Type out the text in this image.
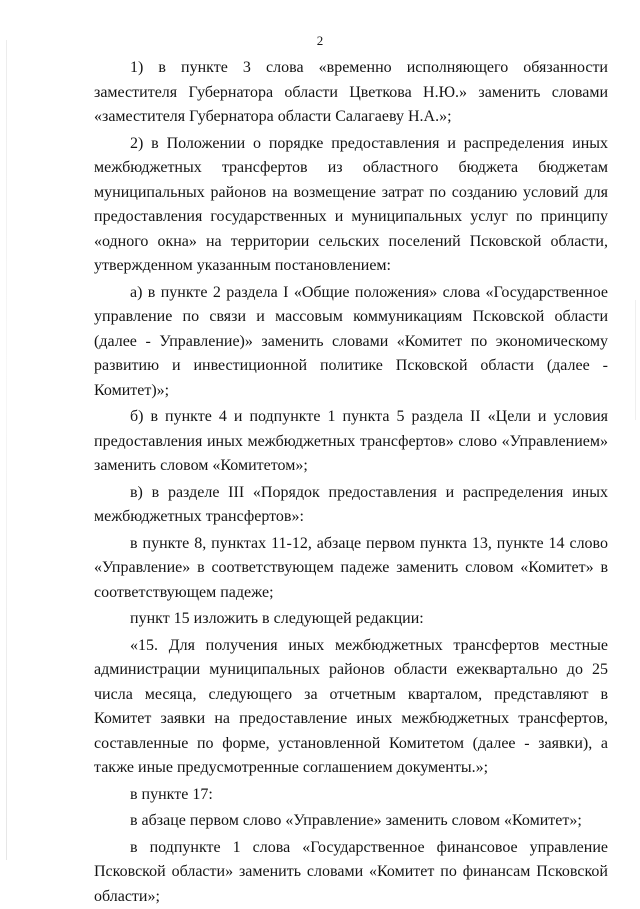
2

1) в пункте 3 слова «временно исполняющего обязанности заместителя Губернатора области Цветкова Н.Ю.» заменить словами «заместителя Губернатора области Салагаеву Н.А.»;

2) в Положении о порядке предоставления и распределения иных межбюджетных трансфертов из областного бюджета бюджетам муниципальных районов на возмещение затрат по созданию условий для предоставления государственных и муниципальных услуг по принципу «одного окна» на территории сельских поселений Псковской области, утвержденном указанным постановлением:

а) в пункте 2 раздела I «Общие положения» слова «Государственное управление по связи и массовым коммуникациям Псковской области (далее - Управление)» заменить словами «Комитет по экономическому развитию и инвестиционной политике Псковской области (далее - Комитет)»;

б) в пункте 4 и подпункте 1 пункта 5 раздела II «Цели и условия предоставления иных межбюджетных трансфертов» слово «Управлением» заменить словом «Комитетом»;

в) в разделе III «Порядок предоставления и распределения иных межбюджетных трансфертов»:

в пункте 8, пунктах 11-12, абзаце первом пункта 13, пункте 14 слово «Управление» в соответствующем падеже заменить словом «Комитет» в соответствующем падеже;

пункт 15 изложить в следующей редакции:

«15. Для получения иных межбюджетных трансфертов местные администрации муниципальных районов области ежеквартально до 25 числа месяца, следующего за отчетным кварталом, представляют в Комитет заявки на предоставление иных межбюджетных трансфертов, составленные по форме, установленной Комитетом (далее - заявки), а также иные предусмотренные соглашением документы.»;

в пункте 17:

в абзаце первом слово «Управление» заменить словом «Комитет»;

в подпункте 1 слова «Государственное финансовое управление Псковской области» заменить словами «Комитет по финансам Псковской области»;
